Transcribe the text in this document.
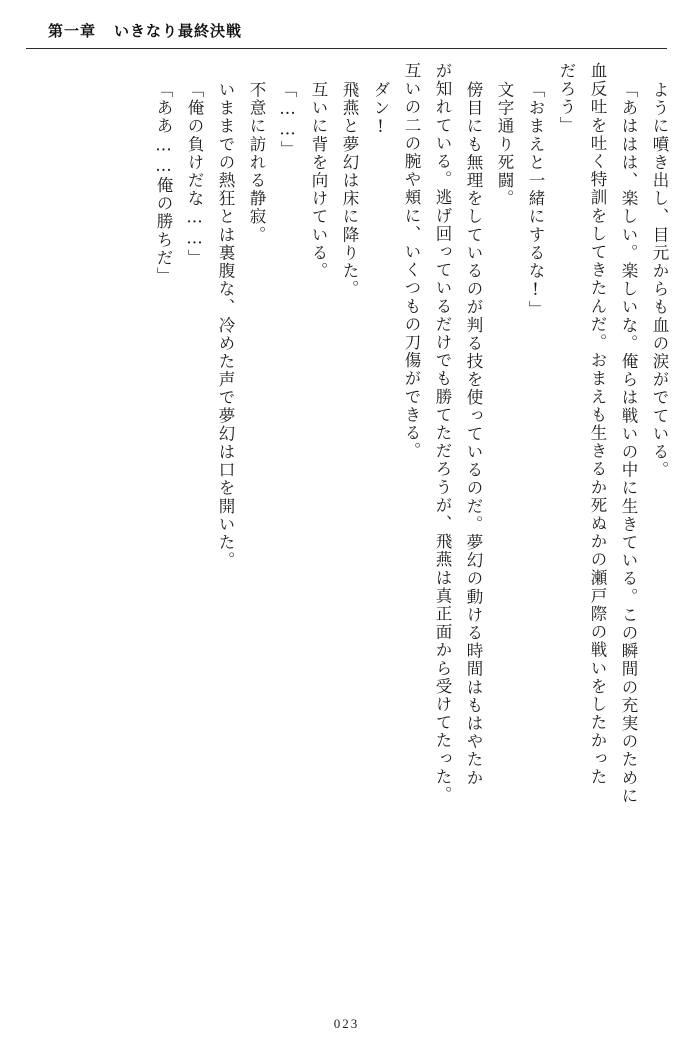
第一章 いきなり最終決戦
ように噴き出し、目元からも血の涙がでている。
「あははは、楽しい。楽しいな。俺らは戦いの中に生きている。この瞬間の充実のために
血反吐を吐く特訓をしてきたんだ。おまえも生きるか死ぬかの瀬戸際の戦いをしたかった
だろう」
「おまえと一緒にするな!」
文字通り死闘。
傍目にも無理をしているのが判る技を使っているのだ。夢幻の動ける時間はもはやたか
が知れている。逃げ回っているだけでも勝てただろうが、飛燕は真正面から受けてたった。
互いの二の腕や頬に、いくつもの刀傷ができる。
ダン!
飛燕と夢幻は床に降りた。
互いに背を向けている。
「……」
不意に訪れる静寂。
いままでの熱狂とは裏腹な、冷めた声で夢幻は口を開いた。
「俺の負けだな……」
「ああ……俺の勝ちだ」
023
